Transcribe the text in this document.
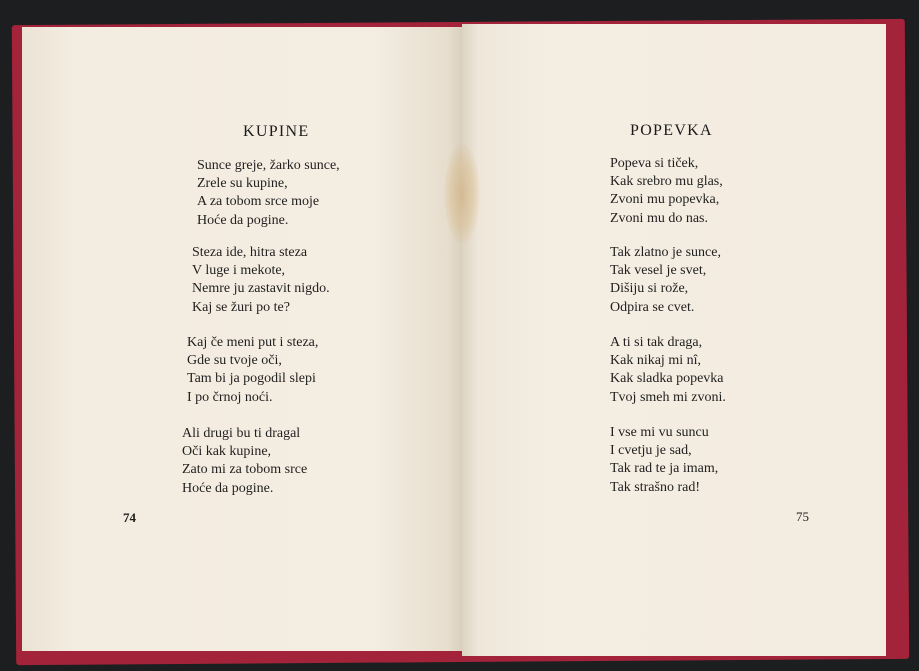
KUPINE
Sunce greje, žarko sunce,
Zrele su kupine,
A za tobom srce moje
Hoće da pogine.
Steza ide, hitra steza
V luge i mekote,
Nemre ju zastavit nigdo.
Kaj se žuri po te?
Kaj če meni put i steza,
Gde su tvoje oči,
Tam bi ja pogodil slepi
I po črnoj noći.
Ali drugi bu ti dragal
Oči kak kupine,
Zato mi za tobom srce
Hoće da pogine.
74
POPEVKA
Popeva si tiček,
Kak srebro mu glas,
Zvoni mu popevka,
Zvoni mu do nas.
Tak zlatno je sunce,
Tak vesel je svet,
Dišiju si rože,
Odpira se cvet.
A ti si tak draga,
Kak nikaj mi nî,
Kak sladka popevka
Tvoj smeh mi zvoni.
I vse mi vu suncu
I cvetju je sad,
Tak rad te ja imam,
Tak strašno rad!
75
